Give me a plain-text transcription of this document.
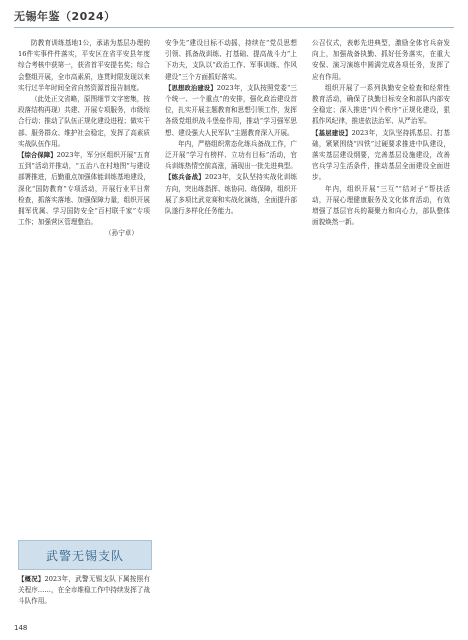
无锡年鉴（2024）

防教育训练基地1公，承诺为基层办理的16件实事件件落实，平安区在省平安县年度综合考核中获第一，获省首平安提名奖；综合会整组开展，全市高素质，连贯时限发现以来实行过半年时间全省自然资源首报告制度。

（此处正文省略，原图细节文字密集，按段落结构再现）共建、开展专项服务，市级综合行动；推动了队伍正规化建设进程；做实干部、服务群众、维护社会稳定，发挥了高素质实战队伍作用。

【综合保障】2023年，军分区组织开展“五育五到”活动并推动，“五治八在村地图”与建设部署推进，后勤重点加强体能训练基地建设，深化“国防教育”专项活动，开展行业平日常检查，抓落实落地、加强保障力量，组织开展拥军优属、学习国防安全“百村联千家”专项工作；加强营区管理整治。

（孙宁卓）

武警无锡支队

【概况】2023年，武警无锡支队下属按照有关程序……，在全市维稳工作中持续发挥了战斗队作用。

安争先”建设目标不动摇，持续在“党员思想引领、抓备战训练、打基础、提高战斗力”上下功夫，支队以“政治工作、军事训练、作风建设”三个方面抓好落实。

【思想政治建设】2023年，支队按照党委“三个统一、一个重点”的安排，强化政治建设首位，扎实开展主题教育和思想引领工作，发挥各级党组织战斗堡垒作用，推动“学习强军思想、建设强大人民军队”主题教育深入开展。

年内，严格组织常态化练兵备战工作，广泛开展“学习有榜样、立功有目标”活动，官兵训练热情空前高涨，涌现出一批先进典型。

【练兵备战】2023年，支队坚持实战化训练方向，突出练指挥、练协同、练保障，组织开展了多项比武竞赛和实战化演练，全面提升部队遂行多样化任务能力。

公召仪式，表彰先进典型，激励全体官兵奋发向上，加强战备执勤、抓好任务落实，在重大安保、演习演练中圆满完成各项任务，发挥了应有作用。

组织开展了一系列执勤安全检查和经常性教育活动，确保了执勤目标安全和部队内部安全稳定；深入推进“四个秩序”正规化建设，狠抓作风纪律，推进依法治军、从严治军。

【基层建设】2023年，支队坚持抓基层、打基础，紧紧围绕“四铁”过硬要求推进中队建设，落实基层建设纲要，完善基层设施建设，改善官兵学习生活条件，推动基层全面建设全面进步。

年内，组织开展“三互”“结对子”帮扶活动，开展心理健康服务及文化体育活动，有效增强了基层官兵的凝聚力和向心力，部队整体面貌焕然一新。

148
